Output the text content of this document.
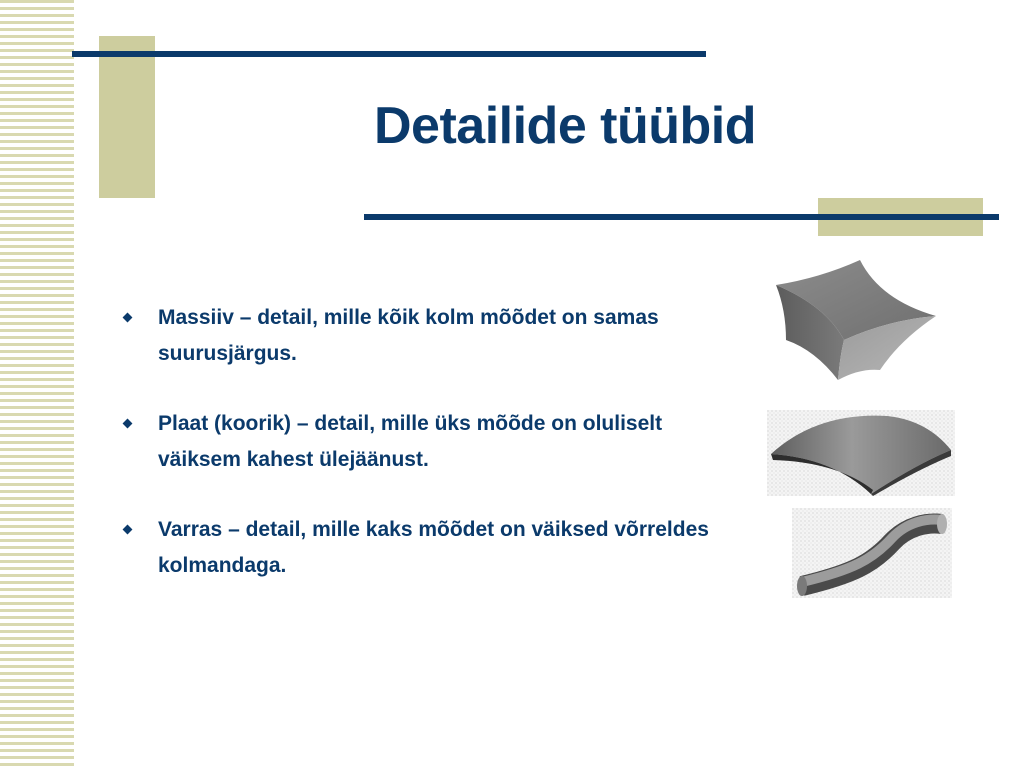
Detailide tüübid
Massiiv – detail, mille kõik kolm mõõdet on samas suurusjärgus.
Plaat (koorik) – detail, mille üks mõõde on oluliselt väiksem kahest ülejäänust.
Varras – detail, mille kaks mõõdet on väiksed võrreldes kolmandaga.
